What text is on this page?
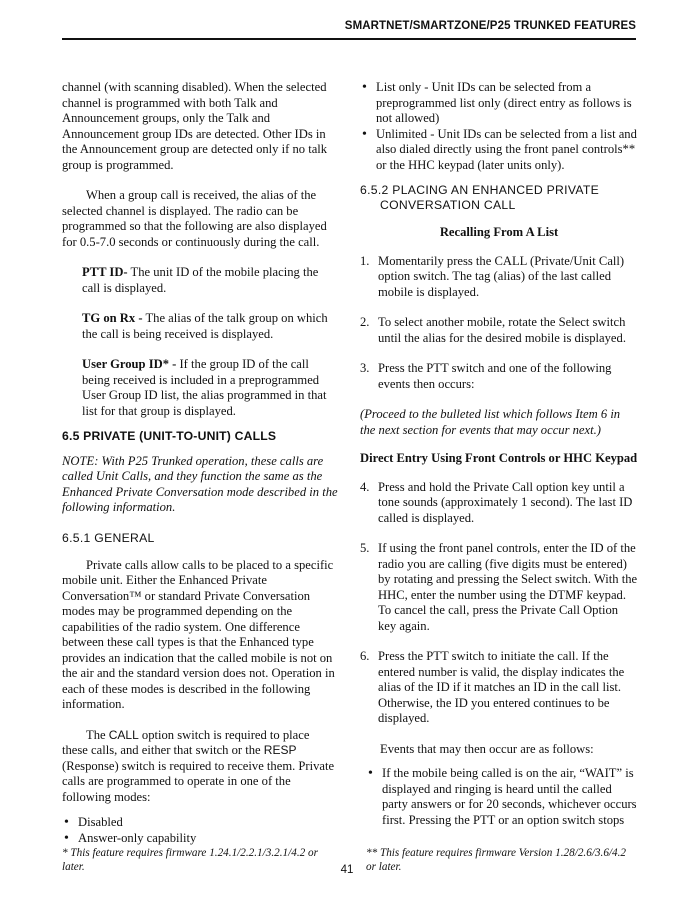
SMARTNET/SMARTZONE/P25 TRUNKED FEATURES

channel (with scanning disabled). When the selected channel is programmed with both Talk and Announcement groups, only the Talk and Announcement group IDs are detected. Other IDs in the Announcement group are detected only if no talk group is programmed.

When a group call is received, the alias of the selected channel is displayed. The radio can be programmed so that the following are also displayed for 0.5-7.0 seconds or continuously during the call.

PTT ID- The unit ID of the mobile placing the call is displayed.

TG on Rx - The alias of the talk group on which the call is being received is displayed.

User Group ID* - If the group ID of the call being received is included in a preprogrammed User Group ID list, the alias programmed in that list for that group is displayed.

6.5 PRIVATE (UNIT-TO-UNIT) CALLS

NOTE: With P25 Trunked operation, these calls are called Unit Calls, and they function the same as the Enhanced Private Conversation mode described in the following information.

6.5.1 GENERAL

Private calls allow calls to be placed to a specific mobile unit. Either the Enhanced Private Conversation™ or standard Private Conversation modes may be programmed depending on the capabilities of the radio system. One difference between these call types is that the Enhanced type provides an indication that the called mobile is not on the air and the standard version does not. Operation in each of these modes is described in the following information.

The CALL option switch is required to place these calls, and either that switch or the RESP (Response) switch is required to receive them. Private calls are programmed to operate in one of the following modes:

• Disabled
• Answer-only capability
• List only - Unit IDs can be selected from a preprogrammed list only (direct entry as follows is not allowed)
• Unlimited - Unit IDs can be selected from a list and also dialed directly using the front panel controls** or the HHC keypad (later units only).
6.5.2 PLACING AN ENHANCED PRIVATE
CONVERSATION CALL

Recalling From A List

1. Momentarily press the CALL (Private/Unit Call) option switch. The tag (alias) of the last called mobile is displayed.
2. To select another mobile, rotate the Select switch until the alias for the desired mobile is displayed.
3. Press the PTT switch and one of the following events then occurs:

(Proceed to the bulleted list which follows Item 6 in the next section for events that may occur next.)

Direct Entry Using Front Controls or HHC Keypad

4. Press and hold the Private Call option key until a tone sounds (approximately 1 second). The last ID called is displayed.
5. If using the front panel controls, enter the ID of the radio you are calling (five digits must be entered) by rotating and pressing the Select switch. With the HHC, enter the number using the DTMF keypad. To cancel the call, press the Private Call Option key again.
6. Press the PTT switch to initiate the call. If the entered number is valid, the display indicates the alias of the ID if it matches an ID in the call list. Otherwise, the ID you entered continues to be displayed.

Events that may then occur are as follows:

• If the mobile being called is on the air, “WAIT” is displayed and ringing is heard until the called party answers or for 20 seconds, whichever occurs first. Pressing the PTT or an option switch stops
* This feature requires firmware 1.24.1/2.2.1/3.2.1/4.2 or later.
** This feature requires firmware Version 1.28/2.6/3.6/4.2 or later.
41
